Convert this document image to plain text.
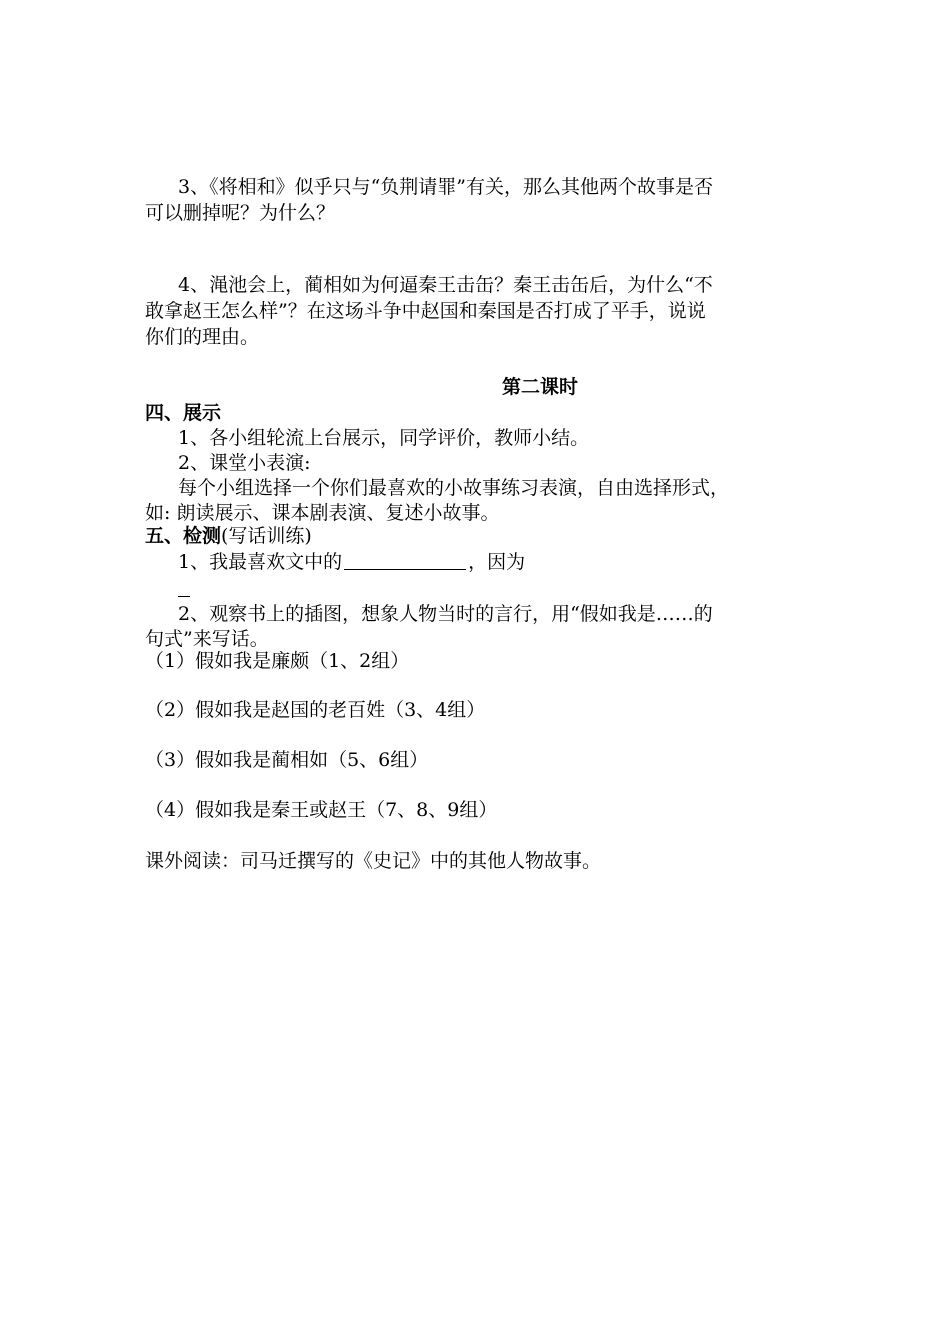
3、《将相和》似乎只与“负荆请罪”有关，那么其他两个故事是否
可以删掉呢？为什么？
4、渑池会上，蔺相如为何逼秦王击缶？秦王击缶后，为什么“不
敢拿赵王怎么样”？在这场斗争中赵国和秦国是否打成了平手，说说
你们的理由。
第二课时
四、展示
1、各小组轮流上台展示，同学评价，教师小结。
2、课堂小表演:
每个小组选择一个你们最喜欢的小故事练习表演，自由选择形式，
如: 朗读展示、课本剧表演、复述小故事。
五、检测(写话训练)
1、我最喜欢文中的	，因为
2、观察书上的插图，想象人物当时的言行，用“假如我是……的
句式”来写话。
（1）假如我是廉颇（1、2组）
（2）假如我是赵国的老百姓（3、4组）
（3）假如我是蔺相如（5、6组）
（4）假如我是秦王或赵王（7、8、9组）
课外阅读：司马迁撰写的《史记》中的其他人物故事。
